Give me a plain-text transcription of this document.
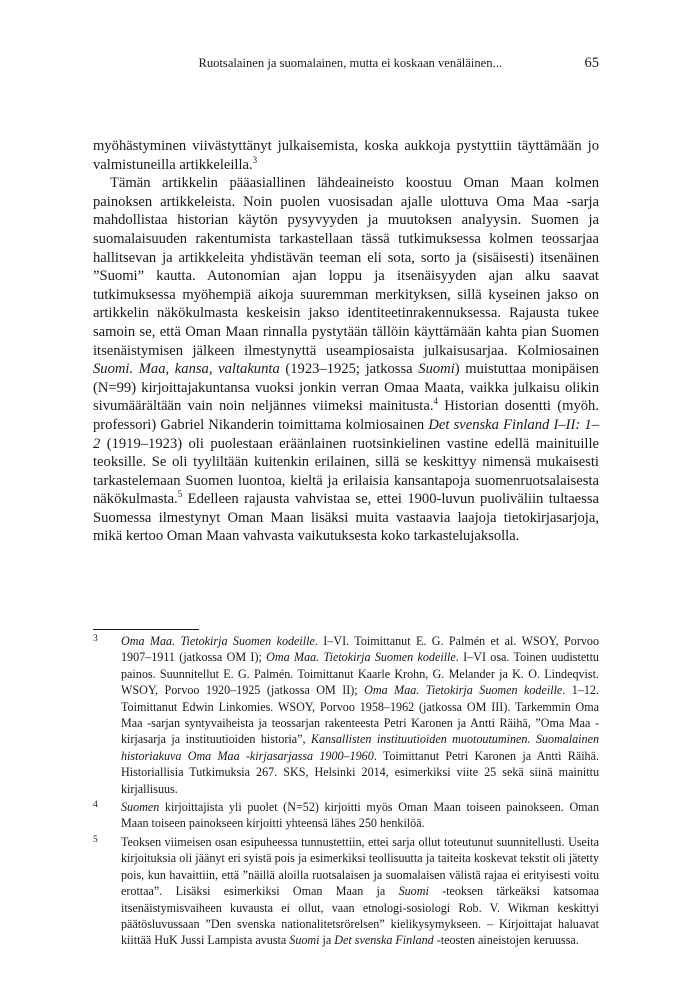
Ruotsalainen ja suomalainen, mutta ei koskaan venäläinen...	65

myöhästyminen viivästyttänyt julkaisemista, koska aukkoja pystyttiin täyttämään jo valmistuneilla artikkeleilla.$^3$

Tämän artikkelin pääasiallinen lähdeaineisto koostuu Oman Maan kolmen painoksen artikkeleista. Noin puolen vuosisadan ajalle ulottuva Oma Maa -sarja mahdollistaa historian käytön pysyvyyden ja muutoksen analyysin. Suomen ja suomalaisuuden rakentumista tarkastellaan tässä tutkimuksessa kolmen teossarjaa hallitsevan ja artikkeleita yhdistävän teeman eli sota, sorto ja (sisäisesti) itsenäinen ”Suomi” kautta. Autonomian ajan loppu ja itsenäisyyden ajan alku saavat tutkimuksessa myöhempiä aikoja suuremman merkityksen, sillä kyseinen jakso on artikkelin näkökulmasta keskeisin jakso identiteetinrakennuksessa. Rajausta tukee samoin se, että Oman Maan rinnalla pystytään tällöin käyttämään kahta pian Suomen itsenäistymisen jälkeen ilmestynyttä useampiosaista julkaisusarjaa. Kolmiosainen Suomi. Maa, kansa, valtakunta (1923–1925; jatkossa Suomi) muistuttaa monipäisen (N=99) kirjoittajakuntansa vuoksi jonkin verran Omaa Maata, vaikka julkaisu olikin sivumäärältään vain noin neljännes viimeksi mainitusta.$^4$ Historian dosentti (myöh. professori) Gabriel Nikanderin toimittama kolmiosainen Det svenska Finland I–II: 1–2 (1919–1923) oli puolestaan eräänlainen ruotsinkielinen vastine edellä mainituille teoksille. Se oli tyyliltään kuitenkin erilainen, sillä se keskittyy nimensä mukaisesti tarkastelemaan Suomen luontoa, kieltä ja erilaisia kansantapoja suomenruotsalaisesta näkökulmasta.$^5$ Edelleen rajausta vahvistaa se, ettei 1900-luvun puoliväliin tultaessa Suomessa ilmestynyt Oman Maan lisäksi muita vastaavia laajoja tietokirjasarjoja, mikä kertoo Oman Maan vahvasta vaikutuksesta koko tarkastelujaksolla.

3 Oma Maa. Tietokirja Suomen kodeille. I–VI. Toimittanut E. G. Palmén et al. WSOY, Porvoo 1907–1911 (jatkossa OM I); Oma Maa. Tietokirja Suomen kodeille. I–VI osa. Toinen uudistettu painos. Suunnitellut E. G. Palmén. Toimittanut Kaarle Krohn, G. Melander ja K. O. Lindeqvist. WSOY, Porvoo 1920–1925 (jatkossa OM II); Oma Maa. Tietokirja Suomen kodeille. 1–12. Toimittanut Edwin Linkomies. WSOY, Porvoo 1958–1962 (jatkossa OM III). Tarkemmin Oma Maa -sarjan syntyvaiheista ja teossarjan rakenteesta Petri Karonen ja Antti Räihä, ”Oma Maa -kirjasarja ja instituutioiden historia”, Kansallisten instituutioiden muotoutuminen. Suomalainen historiakuva Oma Maa -kirjasarjassa 1900–1960. Toimittanut Petri Karonen ja Antti Räihä. Historiallisia Tutkimuksia 267. SKS, Helsinki 2014, esimerkiksi viite 25 sekä siinä mainittu kirjallisuus.

4 Suomen kirjoittajista yli puolet (N=52) kirjoitti myös Oman Maan toiseen painokseen. Oman Maan toiseen painokseen kirjoitti yhteensä lähes 250 henkilöä.

5 Teoksen viimeisen osan esipuheessa tunnustettiin, ettei sarja ollut toteutunut suunnitellusti. Useita kirjoituksia oli jäänyt eri syistä pois ja esimerkiksi teollisuutta ja taiteita koskevat tekstit oli jätetty pois, kun havaittiin, että ”näillä aloilla ruotsalaisen ja suomalaisen välistä rajaa ei erityisesti voitu erottaa”. Lisäksi esimerkiksi Oman Maan ja Suomi -teoksen tärkeäksi katsomaa itsenäistymisvaiheen kuvausta ei ollut, vaan etnologi-sosiologi Rob. V. Wikman keskittyi päätösluvussaan ”Den svenska nationalitetsrörelsen” kielikysymykseen. – Kirjoittajat haluavat kiittää HuK Jussi Lampista avusta Suomi ja Det svenska Finland -teosten aineistojen keruussa.
